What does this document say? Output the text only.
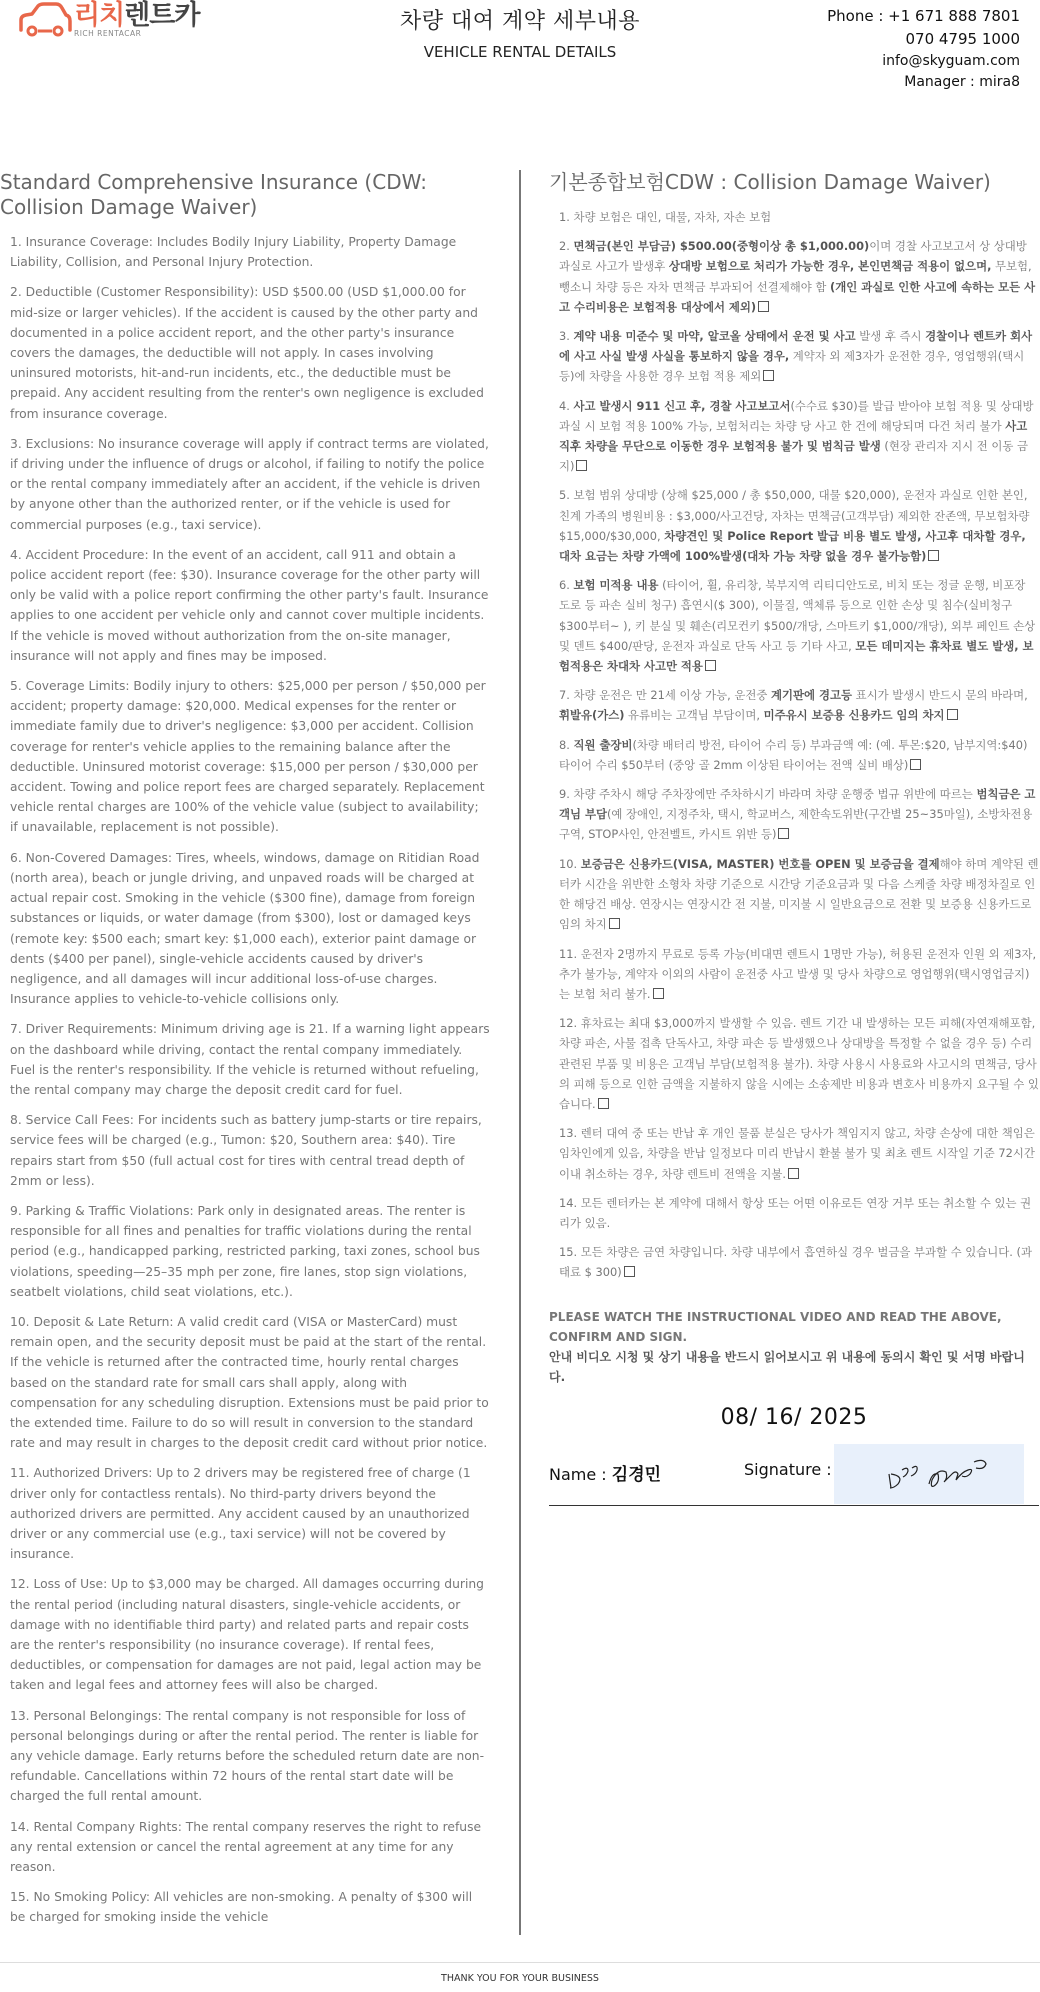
리치렌트카
RICH RENTACAR	차량 대여 계약 세부내용
VEHICLE RENTAL DETAILS
Phone : +1 671 888 7801
070 4795 1000
info@skyguam.com
Manager : mira8
Standard Comprehensive Insurance (CDW: Collision Damage Waiver)
1. Insurance Coverage: Includes Bodily Injury Liability, Property Damage Liability, Collision, and Personal Injury Protection.
2. Deductible (Customer Responsibility): USD $500.00 (USD $1,000.00 for mid-size or larger vehicles). If the accident is caused by the other party and documented in a police accident report, and the other party's insurance covers the damages, the deductible will not apply. In cases involving uninsured motorists, hit-and-run incidents, etc., the deductible must be prepaid. Any accident resulting from the renter's own negligence is excluded from insurance coverage.
3. Exclusions: No insurance coverage will apply if contract terms are violated, if driving under the influence of drugs or alcohol, if failing to notify the police or the rental company immediately after an accident, if the vehicle is driven by anyone other than the authorized renter, or if the vehicle is used for commercial purposes (e.g., taxi service).
4. Accident Procedure: In the event of an accident, call 911 and obtain a police accident report (fee: $30). Insurance coverage for the other party will only be valid with a police report confirming the other party's fault. Insurance applies to one accident per vehicle only and cannot cover multiple incidents. If the vehicle is moved without authorization from the on-site manager, insurance will not apply and fines may be imposed.
5. Coverage Limits: Bodily injury to others: $25,000 per person / $50,000 per accident; property damage: $20,000. Medical expenses for the renter or immediate family due to driver's negligence: $3,000 per accident. Collision coverage for renter's vehicle applies to the remaining balance after the deductible. Uninsured motorist coverage: $15,000 per person / $30,000 per accident. Towing and police report fees are charged separately. Replacement vehicle rental charges are 100% of the vehicle value (subject to availability; if unavailable, replacement is not possible).
6. Non-Covered Damages: Tires, wheels, windows, damage on Ritidian Road (north area), beach or jungle driving, and unpaved roads will be charged at actual repair cost. Smoking in the vehicle ($300 fine), damage from foreign substances or liquids, or water damage (from $300), lost or damaged keys (remote key: $500 each; smart key: $1,000 each), exterior paint damage or dents ($400 per panel), single-vehicle accidents caused by driver's negligence, and all damages will incur additional loss-of-use charges. Insurance applies to vehicle-to-vehicle collisions only.
7. Driver Requirements: Minimum driving age is 21. If a warning light appears on the dashboard while driving, contact the rental company immediately. Fuel is the renter's responsibility. If the vehicle is returned without refueling, the rental company may charge the deposit credit card for fuel.
8. Service Call Fees: For incidents such as battery jump-starts or tire repairs, service fees will be charged (e.g., Tumon: $20, Southern area: $40). Tire repairs start from $50 (full actual cost for tires with central tread depth of 2mm or less).
9. Parking & Traffic Violations: Park only in designated areas. The renter is responsible for all fines and penalties for traffic violations during the rental period (e.g., handicapped parking, restricted parking, taxi zones, school bus violations, speeding—25–35 mph per zone, fire lanes, stop sign violations, seatbelt violations, child seat violations, etc.).
10. Deposit & Late Return: A valid credit card (VISA or MasterCard) must remain open, and the security deposit must be paid at the start of the rental. If the vehicle is returned after the contracted time, hourly rental charges based on the standard rate for small cars shall apply, along with compensation for any scheduling disruption. Extensions must be paid prior to the extended time. Failure to do so will result in conversion to the standard rate and may result in charges to the deposit credit card without prior notice.
11. Authorized Drivers: Up to 2 drivers may be registered free of charge (1 driver only for contactless rentals). No third-party drivers beyond the authorized drivers are permitted. Any accident caused by an unauthorized driver or any commercial use (e.g., taxi service) will not be covered by insurance.
12. Loss of Use: Up to $3,000 may be charged. All damages occurring during the rental period (including natural disasters, single-vehicle accidents, or damage with no identifiable third party) and related parts and repair costs are the renter's responsibility (no insurance coverage). If rental fees, deductibles, or compensation for damages are not paid, legal action may be taken and legal fees and attorney fees will also be charged.
13. Personal Belongings: The rental company is not responsible for loss of personal belongings during or after the rental period. The renter is liable for any vehicle damage. Early returns before the scheduled return date are non-refundable. Cancellations within 72 hours of the rental start date will be charged the full rental amount.
14. Rental Company Rights: The rental company reserves the right to refuse any rental extension or cancel the rental agreement at any time for any reason.
15. No Smoking Policy: All vehicles are non-smoking. A penalty of $300 will be charged for smoking inside the vehicle
기본종합보험CDW : Collision Damage Waiver)
1. 차량 보험은 대인, 대물, 자차, 자손 보험
2. 면책금(본인 부담금) $500.00(중형이상 총 $1,000.00)이며 경찰 사고보고서 상 상대방 과실로 사고가 발생후 상대방 보험으로 처리가 가능한 경우, 본인면책금 적용이 없으며, 무보험, 뺑소니 차량 등은 자차 면책금 부과되어 선결제해야 함 (개인 과실로 인한 사고에 속하는 모든 사고 수리비용은 보험적용 대상에서 제외)
3. 계약 내용 미준수 및 마약, 알코올 상태에서 운전 및 사고 발생 후 즉시 경찰이나 렌트카 회사에 사고 사실 발생 사실을 통보하지 않을 경우, 계약자 외 제3자가 운전한 경우, 영업행위(택시 등)에 차량을 사용한 경우 보험 적용 제외
4. 사고 발생시 911 신고 후, 경찰 사고보고서(수수료 $30)를 발급 받아야 보험 적용 및 상대방 과실 시 보험 적용 100% 가능, 보험처리는 차량 당 사고 한 건에 해당되며 다건 처리 불가 사고 직후 차량을 무단으로 이동한 경우 보험적용 불가 및 범칙금 발생 (현장 관리자 지시 전 이동 금지)
5. 보험 범위 상대방 (상해 $25,000 / 총 $50,000, 대물 $20,000), 운전자 과실로 인한 본인, 친계 가족의 병원비용 : $3,000/사고건당, 자차는 면책금(고객부담) 제외한 잔존액, 무보험차량 $15,000/$30,000, 차량견인 및 Police Report 발급 비용 별도 발생, 사고후 대차할 경우, 대차 요금는 차량 가액에 100%발생(대차 가능 차량 없을 경우 불가능함)
6. 보험 미적용 내용 (타이어, 휠, 유리창, 북부지역 리티디안도로, 비치 또는 정글 운행, 비포장 도로 등 파손 실비 청구) 흡연시($ 300), 이물질, 액체류 등으로 인한 손상 및 침수(실비청구 $300부터~ ), 키 분실 및 훼손(리모컨키 $500/개당, 스마트키 $1,000/개당), 외부 페인트 손상 및 덴트 $400/판당, 운전자 과실로 단독 사고 등 기타 사고, 모든 데미지는 휴차료 별도 발생, 보험적용은 차대차 사고만 적용
7. 차량 운전은 만 21세 이상 가능, 운전중 계기판에 경고등 표시가 발생시 반드시 문의 바라며, 휘발유(가스) 유류비는 고객님 부담이며, 미주유시 보증용 신용카드 임의 차지
8. 직원 출장비(차량 배터리 방전, 타이어 수리 등) 부과금액 예: (예. 투몬:$20, 남부지역:$40) 타이어 수리 $50부터 (중앙 골 2mm 이상된 타이어는 전액 실비 배상)
9. 차량 주차시 해당 주차장에만 주차하시기 바라며 차량 운행중 법규 위반에 따르는 범칙금은 고객님 부담(예 장애인, 지정주차, 택시, 학교버스, 제한속도위반(구간별 25~35마일), 소방차전용 구역, STOP사인, 안전벨트, 카시트 위반 등)
10. 보증금은 신용카드(VISA, MASTER) 번호를 OPEN 및 보증금을 결제해야 하며 계약된 렌터카 시간을 위반한 소형차 차량 기준으로 시간당 기준요금과 및 다음 스케줄 차량 배정차질로 인한 해당건 배상. 연장시는 연장시간 전 지불, 미지불 시 일반요금으로 전환 및 보증용 신용카드로 임의 차지
11. 운전자 2명까지 무료로 등록 가능(비대면 렌트시 1명만 가능), 허용된 운전자 인원 외 제3자, 추가 불가능, 계약자 이외의 사람이 운전중 사고 발생 및 당사 차량으로 영업행위(택시영업금지)는 보험 처리 불가.
12. 휴차료는 최대 $3,000까지 발생할 수 있음. 렌트 기간 내 발생하는 모든 피해(자연재해포함, 차량 파손, 사물 접촉 단독사고, 차량 파손 등 발생했으나 상대방을 특정할 수 없을 경우 등) 수리 관련된 부품 및 비용은 고객님 부담(보험적용 불가). 차량 사용시 사용료와 사고시의 면책금, 당사의 피해 등으로 인한 금액을 지불하지 않을 시에는 소송제반 비용과 변호사 비용까지 요구될 수 있습니다.
13. 렌터 대여 중 또는 반납 후 개인 물품 분실은 당사가 책임지지 않고, 차량 손상에 대한 책임은 임차인에게 있음, 차량을 반납 일정보다 미리 반납시 환불 불가 및 최초 렌트 시작일 기준 72시간 이내 취소하는 경우, 차량 렌트비 전액을 지불.
14. 모든 렌터카는 본 계약에 대해서 항상 또는 어떤 이유로든 연장 거부 또는 취소할 수 있는 권리가 있음.
15. 모든 차량은 금연 차량입니다. 차량 내부에서 흡연하실 경우 벌금을 부과할 수 있습니다. (과태료 $ 300)
PLEASE WATCH THE INSTRUCTIONAL VIDEO AND READ THE ABOVE, CONFIRM AND SIGN.
안내 비디오 시청 및 상기 내용을 반드시 읽어보시고 위 내용에 동의시 확인 및 서명 바랍니다.
08/ 16/ 2025
Name : 김경민	Signature :
THANK YOU FOR YOUR BUSINESS
